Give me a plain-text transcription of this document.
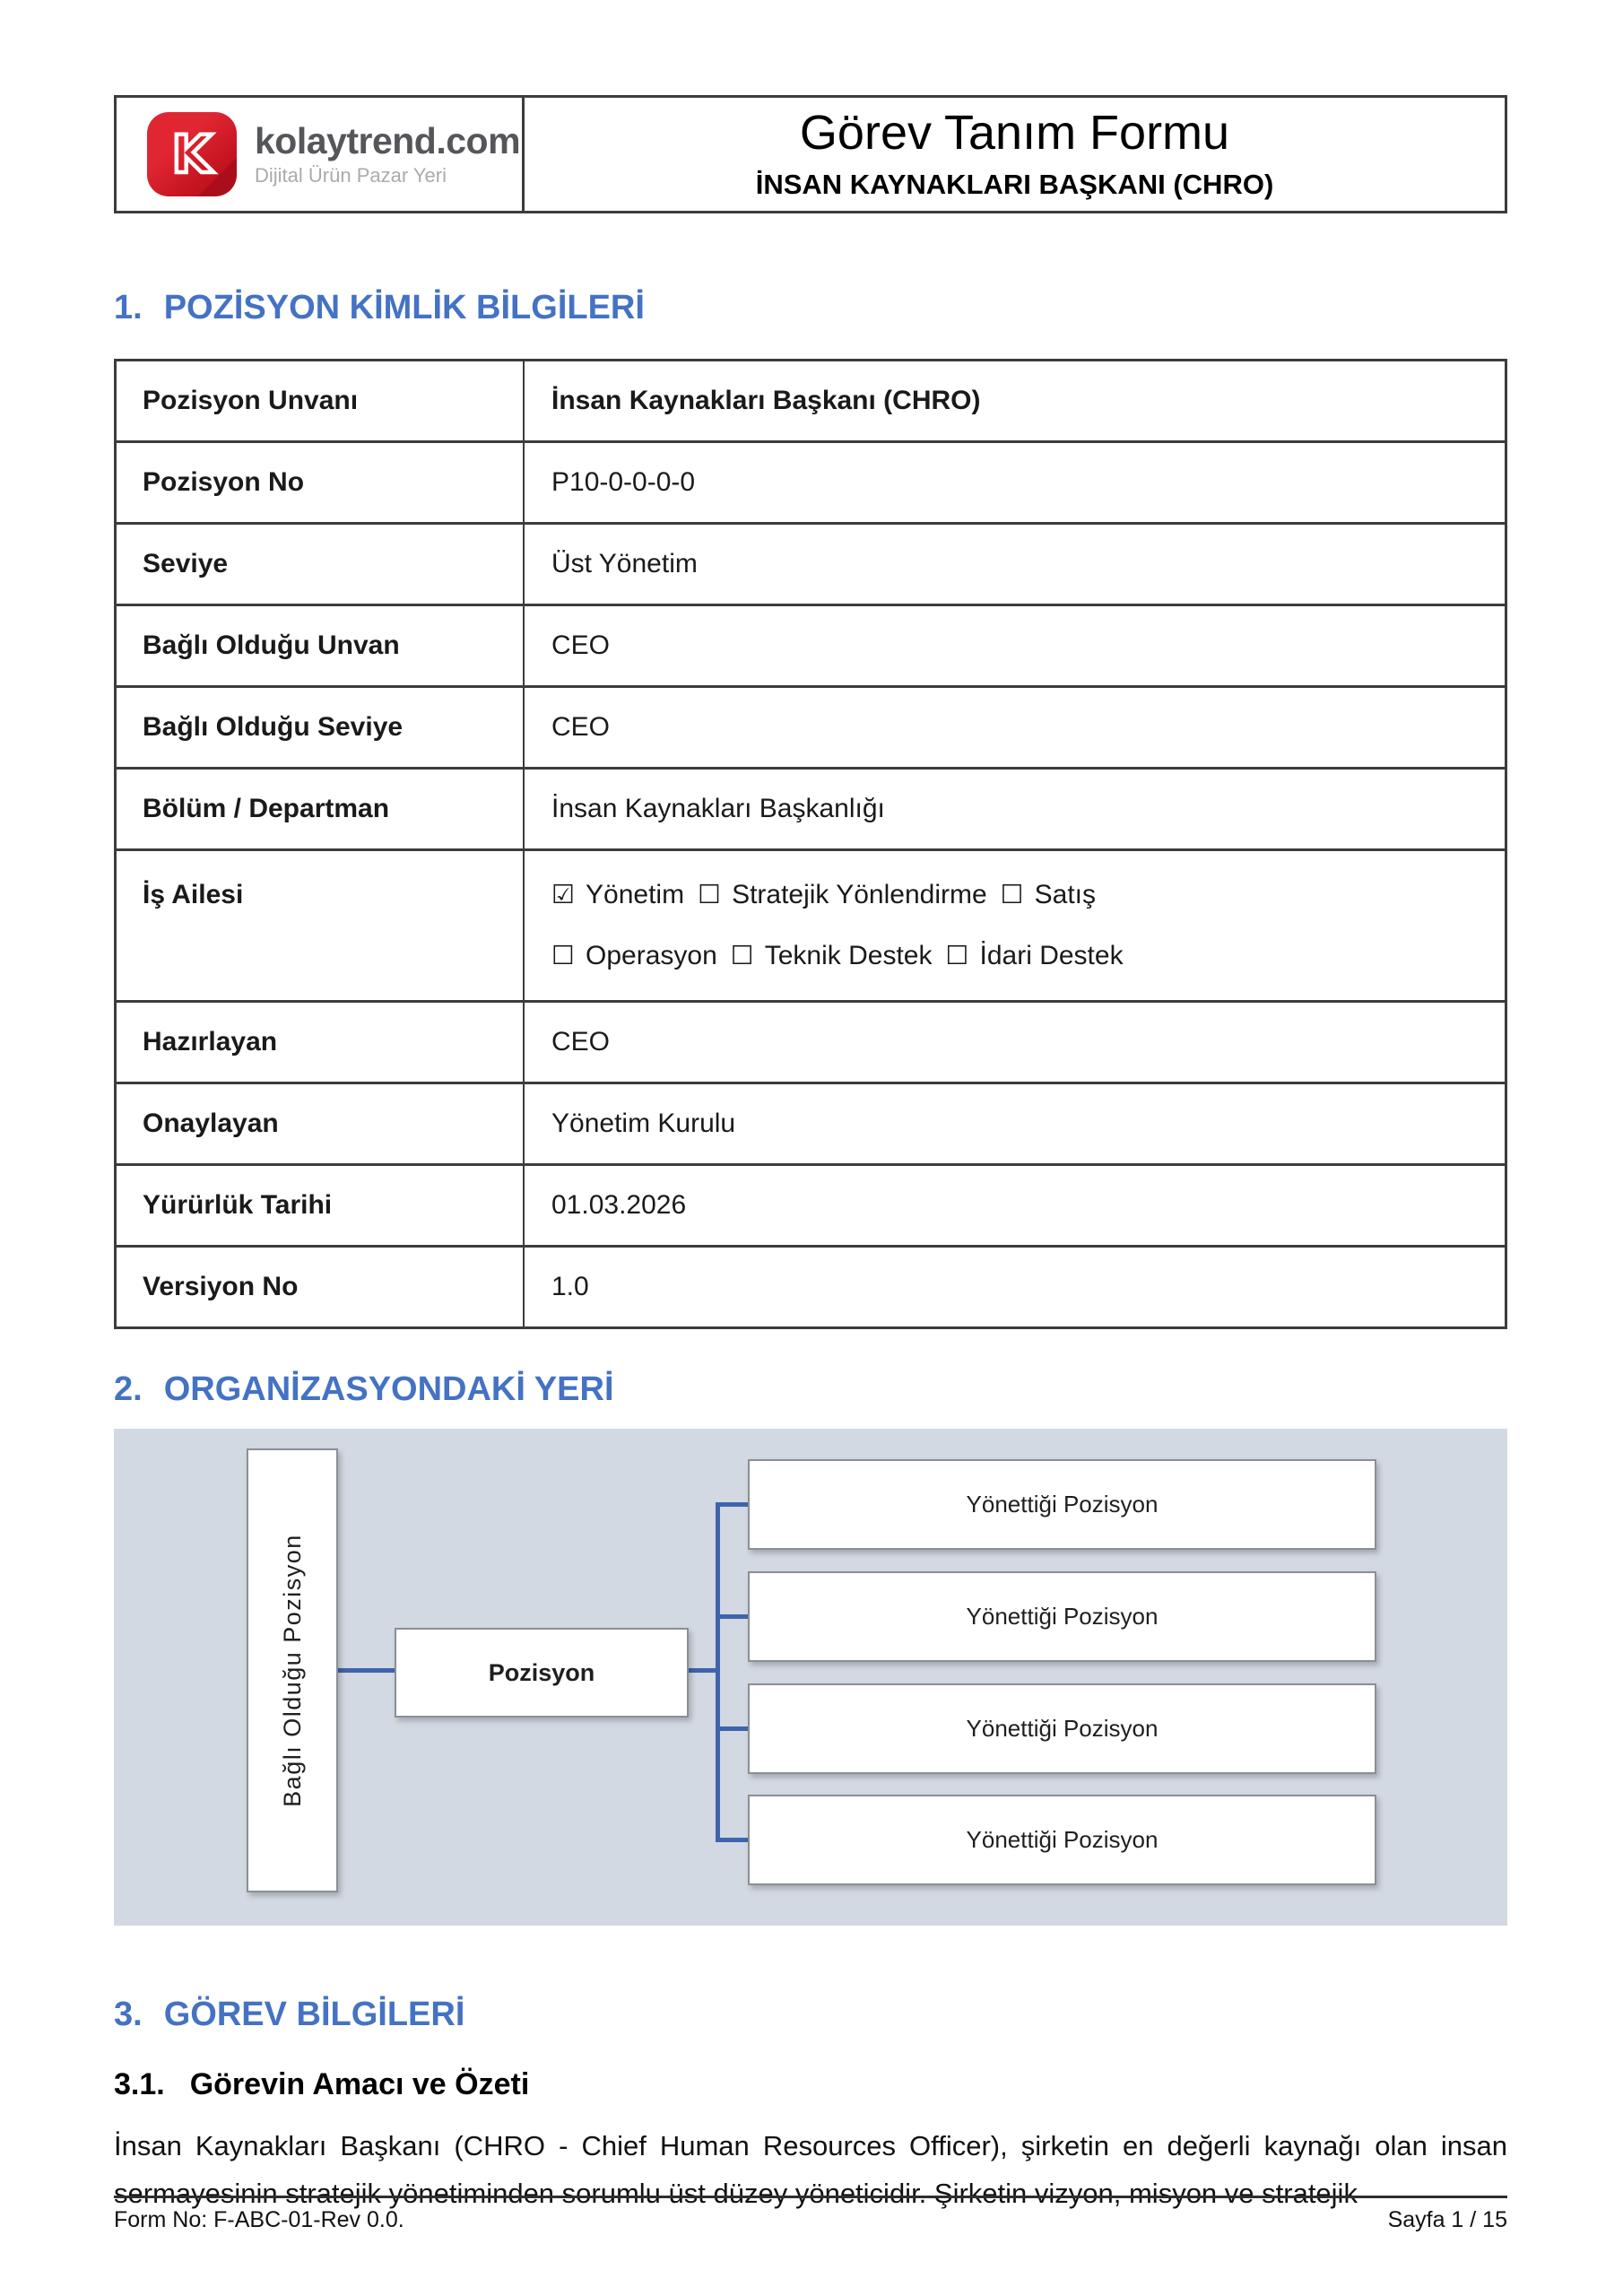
K kolaytrend.com
Dijital Ürün Pazar Yeri
Görev Tanım Formu
İNSAN KAYNAKLARI BAŞKANI (CHRO)
1. POZİSYON KİMLİK BİLGİLERİ
Pozisyon Unvanı	İnsan Kaynakları Başkanı (CHRO)
Pozisyon No	P10-0-0-0-0
Seviye	Üst Yönetim
Bağlı Olduğu Unvan	CEO
Bağlı Olduğu Seviye	CEO
Bölüm / Departman	İnsan Kaynakları Başkanlığı
İş Ailesi	☑ Yönetim ☐ Stratejik Yönlendirme ☐ Satış
☐ Operasyon ☐ Teknik Destek ☐ İdari Destek
Hazırlayan	CEO
Onaylayan	Yönetim Kurulu
Yürürlük Tarihi	01.03.2026
Versiyon No	1.0
2. ORGANİZASYONDAKİ YERİ
Bağlı Olduğu Pozisyon	Pozisyon
Yönettiği Pozisyon
Yönettiği Pozisyon
Yönettiği Pozisyon
Yönettiği Pozisyon
3. GÖREV BİLGİLERİ
3.1. Görevin Amacı ve Özeti

İnsan Kaynakları Başkanı (CHRO - Chief Human Resources Officer), şirketin en değerli kaynağı olan insan sermayesinin stratejik yönetiminden sorumlu üst düzey yöneticidir. Şirketin vizyon, misyon ve stratejik

Form No: F-ABC-01-Rev 0.0.	Sayfa 1 / 15
